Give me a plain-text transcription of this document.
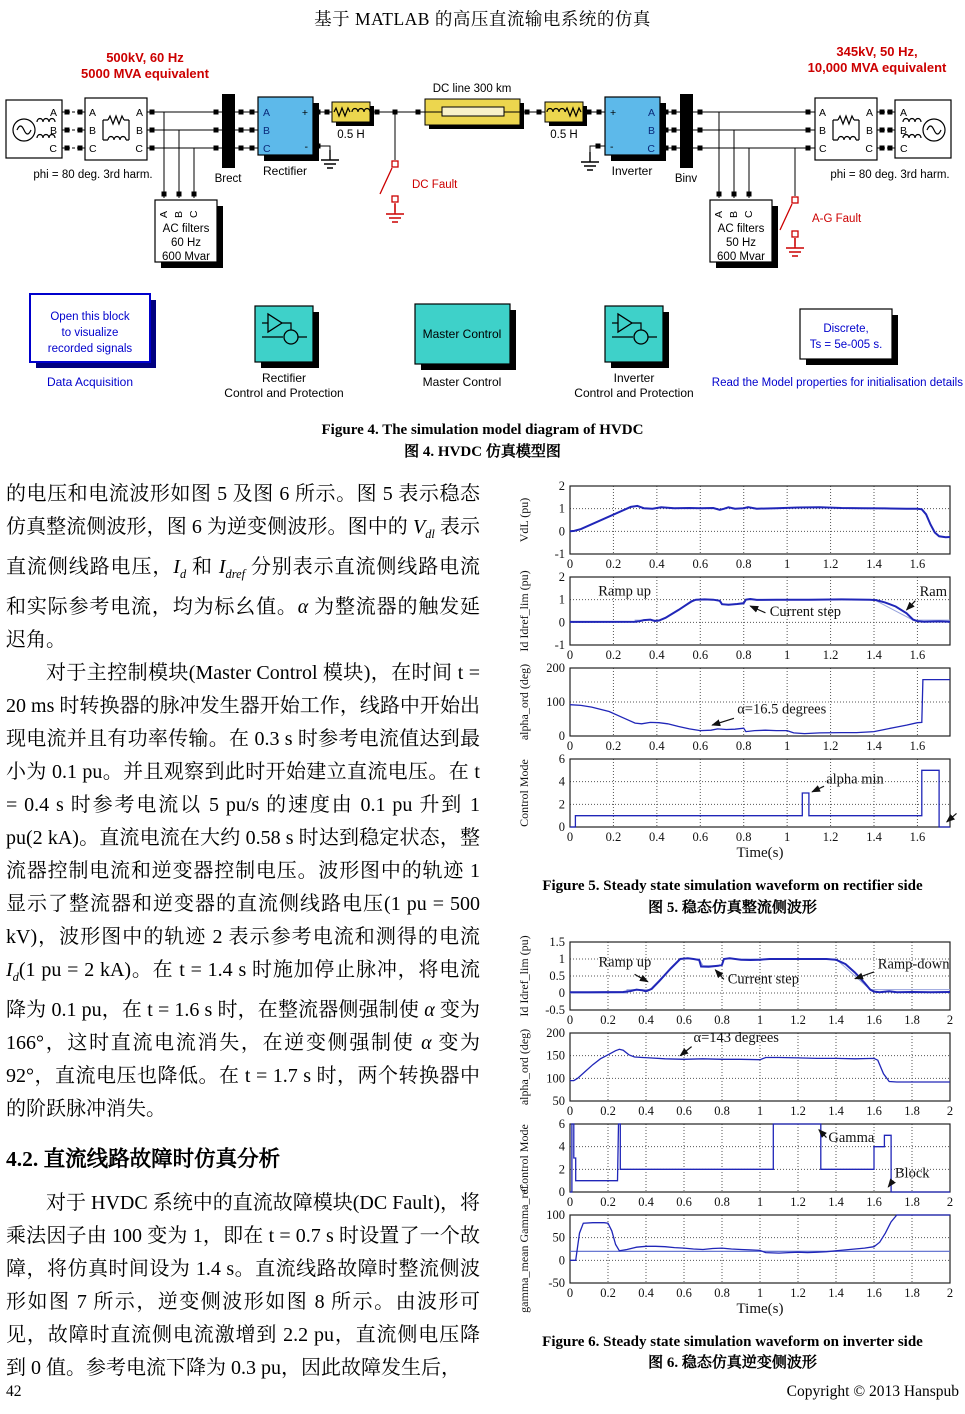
基于 MATLAB 的高压直流输电系统的仿真
500kV, 60 Hz
5000 MVA equivalent
345kV, 50 Hz,
10,000 MVA equivalent
A
B
C
A
B
C
A
B
C
phi = 80 deg. 3rd harm.
A B C
AC filters
60 Hz
600 Mvar
Brect
A
B
C
+
-
Rectifier
0.5 H
DC Fault
DC line 300 km
0.5 H
+
-
A
B
C
Inverter
Binv
A B C
AC filters
50 Hz
600 Mvar
A-G Fault
A
B
C
A
B
C
phi = 80 deg. 3rd harm.
A
B
C
Open this block
to visualize
recorded signals
Data Acquisition	Rectifier
Control and Protection
Master Control
Master Control	Inverter
Control and Protection
Discrete,
Ts = 5e-005 s.
Read the Model properties for initialisation details
Figure 4. The simulation model diagram of HVDC
图 4. HVDC 仿真模型图

的电压和电流波形如图 5 及图 6 所示。图 5 表示稳态仿真整流侧波形，图 6 为逆变侧波形。图中的 $V_{dl}$ 表示直流侧线路电压，$I_d$ 和 $I_{dref}$ 分别表示直流侧线路电流和实际参考电流，均为标幺值。α 为整流器的触发延迟角。

对于主控制模块(Master Control 模块)，在时间 t = 20 ms 时转换器的脉冲发生器开始工作，线路中开始出现电流并且有功率传输。在 0.3 s 时参考电流值达到最小为 0.1 pu。并且观察到此时开始建立直流电压。在 t = 0.4 s 时参考电流以 5 pu/s 的速度由 0.1 pu 升到 1 pu(2 kA)。直流电流在大约 0.58 s 时达到稳定状态，整流器控制电流和逆变器控制电压。波形图中的轨迹 1 显示了整流器和逆变器的直流侧线路电压(1 pu = 500 kV)，波形图中的轨迹 2 表示参考电流和测得的电流 $I_d(1$ pu = 2 kA)。在 t = 1.4 s 时施加停止脉冲，将电流降为 0.1 pu，在 t = 1.6 s 时，在整流器侧强制使 α 变为 166°，这时直流电流消失，在逆变侧强制使 α 变为 92°，直流电压也降低。在 t = 1.7 s 时，两个转换器中的阶跃脉冲消失。

4.2. 直流线路故障时仿真分析

对于 HVDC 系统中的直流故障模块(DC Fault)，将乘法因子由 100 变为 1，即在 t = 0.7 s 时设置了一个故障，将仿真时间设为 1.4 s。直流线路故障时整流侧波形如图 7 所示，逆变侧波形如图 8 所示。由波形可见，故障时直流侧电流激增到 2.2 pu，直流侧电压降到 0 值。参考电流下降为 0.3 pu，因此故障发生后，

0	0.2 0.4 0.6 0.8	1	1.2 1.4 1.6
-1
0
1
2
VdL (pu)
0	0.2 0.4 0.6 0.8	1	1.2 1.4 1.6
-1
0
1
2
Id Idref_lim (pu)	Ramp up
Current step
Ram
0	0.2 0.4 0.6 0.8	1	1.2 1.4 1.6
0
100
200
alpha_ord (deg)	α=16.5 degrees
0	0.2 0.4 0.6 0.8	1	1.2 1.4 1.6
0
2
4
6
Control Mode	alpha min
Time(s)
Figure 5. Steady state simulation waveform on rectifier side
图 5. 稳态仿真整流侧波形
0 0.2 0.4 0.6 0.8 1 1.2 1.4 1.6 1.8 2
-0.5
0
0.5
1
1.5
Id Idref_lim (pu)	Ramp up
Current step
Ramp-down
0 0.2 0.4 0.6 0.8 1 1.2 1.4 1.6 1.8 2
50
100
150
200
alpha_ord (deg)	α=143 degrees
0 0.2 0.4 0.6 0.8 1 1.2 1.4 1.6 1.8 2
0
2
4
6
Control Mode	Gamma
Block
0 0.2 0.4 0.6 0.8 1 1.2 1.4 1.6 1.8 2
-50
0
50
100
gamma_mean Gamma_ref	Time(s)
Figure 6. Steady state simulation waveform on inverter side
图 6. 稳态仿真逆变侧波形
42	Copyright © 2013 Hanspub
